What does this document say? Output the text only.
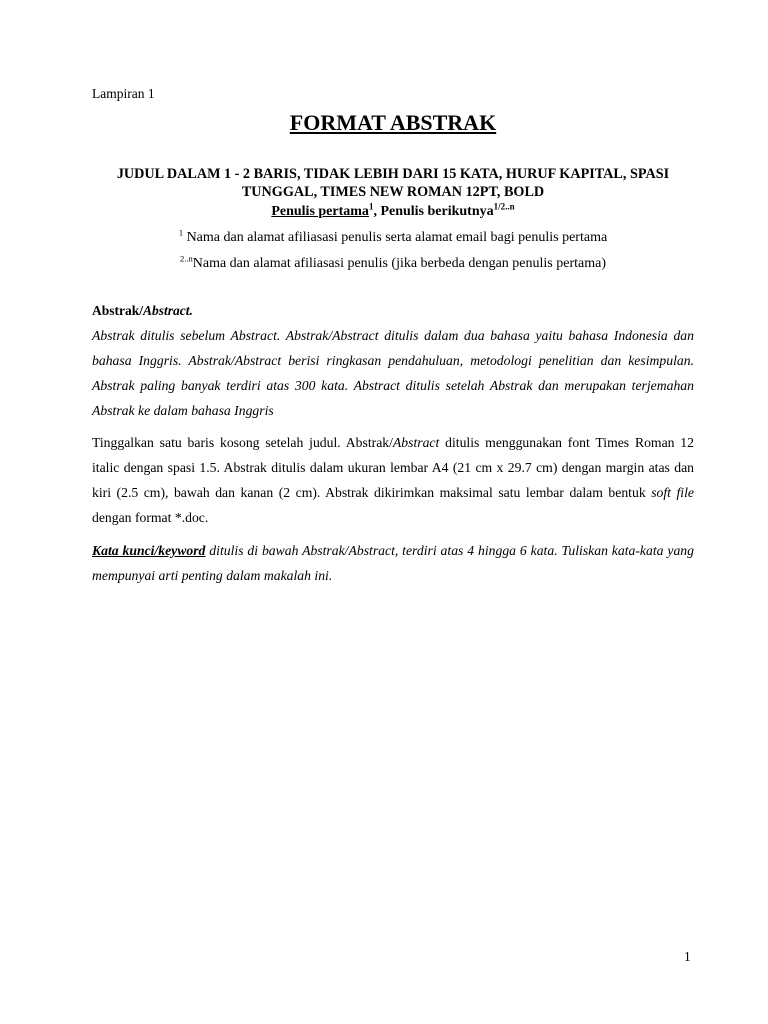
Lampiran 1
FORMAT ABSTRAK
JUDUL DALAM 1 - 2 BARIS, TIDAK LEBIH DARI 15 KATA, HURUF KAPITAL, SPASI
TUNGGAL, TIMES NEW ROMAN 12PT, BOLD
Penulis pertama$^1$, Penulis berikutnya$^{1/2..n}$
$^1$ Nama dan alamat afiliasasi penulis serta alamat email bagi penulis pertama
$^{2..n}$Nama dan alamat afiliasasi penulis (jika berbeda dengan penulis pertama)
Abstrak/Abstract.
Abstrak ditulis sebelum Abstract. Abstrak/Abstract ditulis dalam dua bahasa yaitu bahasa Indonesia dan bahasa Inggris. Abstrak/Abstract berisi ringkasan pendahuluan, metodologi penelitian dan kesimpulan. Abstrak paling banyak terdiri atas 300 kata. Abstract ditulis setelah Abstrak dan merupakan terjemahan Abstrak ke dalam bahasa Inggris
Tinggalkan satu baris kosong setelah judul. Abstrak/Abstract ditulis menggunakan font Times Roman 12 italic dengan spasi 1.5. Abstrak ditulis dalam ukuran lembar A4 (21 cm x 29.7 cm) dengan margin atas dan kiri (2.5 cm), bawah dan kanan (2 cm). Abstrak dikirimkan maksimal satu lembar dalam bentuk soft file dengan format *.doc.
Kata kunci/keyword ditulis di bawah Abstrak/Abstract, terdiri atas 4 hingga 6 kata. Tuliskan kata-kata yang mempunyai arti penting dalam makalah ini.
1
